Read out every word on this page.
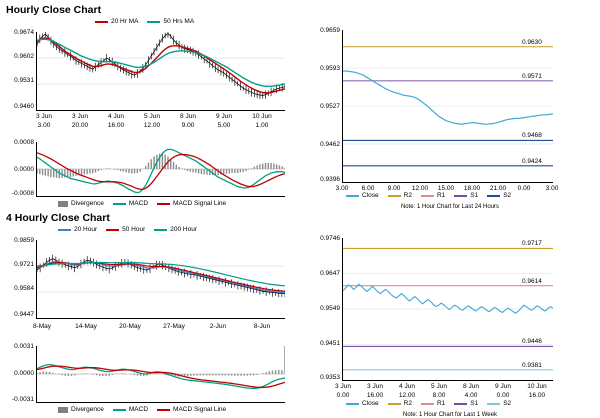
Hourly Close Chart
4 Hourly Close Chart
20 Hr MA	50 Hrs MA
0.9674
0.9602
0.9531
0.9460
3 Jun	3 Jun	4 Jun	5 Jun	8 Jun	9 Jun	10 Jun
3.00	20.00	16.00	12.00	9.00	5.00	1.00
0.0008
0.0000
-0.0008
Divergence	MACD	MACD Signal Line
0.9659
0.9593
0.9527
0.9462
0.9396
3.00	6.00	9.00	12.00	15.00	18.00	21.00	0.00	3.00
0.9630
0.9571
0.9468
0.9424
Close	R2	R1	S1	S2
Note: 1 Hour Chart for Last 24 Hours
20 Hour	50 Hour	200 Hour
0.9859
0.9721
0.9584
0.9447
8-May	14-May	20-May	27-May	2-Jun	8-Jun
0.0031
0.0000
-0.0031
Divergence	MACD	MACD Signal Line
0.9746
0.9647
0.9549
0.9451
0.9353
3 Jun	3 Jun	4 Jun	5 Jun	8 Jun	9 Jun	10 Jun
0.00	16.00	12.00	8.00	4.00	0.00	16.00
0.9717
0.9614
0.9446
0.9381
Close	R2	R1	S1	S2
Note: 1 Hour Chart for Last 1 Week
